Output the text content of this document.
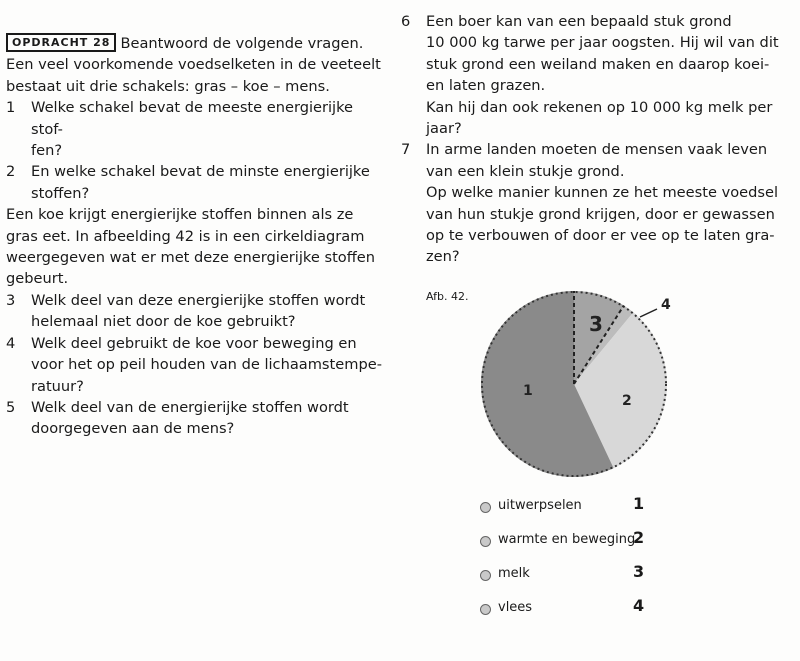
OPDRACHT 28 Beantwoord de volgende vragen.

Een veel voorkomende voedselketen in de veeteelt
bestaat uit drie schakels: gras – koe – mens.
1 Welke schakel bevat de meeste energierijke stof-
fen?
2 En welke schakel bevat de minste energierijke
stoffen?
Een koe krijgt energierijke stoffen binnen als ze
gras eet. In afbeelding 42 is in een cirkeldiagram
weergegeven wat er met deze energierijke stoffen
gebeurt.
3 Welk deel van deze energierijke stoffen wordt
helemaal niet door de koe gebruikt?
4 Welk deel gebruikt de koe voor beweging en
voor het op peil houden van de lichaamstempe-
ratuur?
5 Welk deel van de energierijke stoffen wordt
doorgegeven aan de mens?
6 Een boer kan van een bepaald stuk grond
10 000 kg tarwe per jaar oogsten. Hij wil van dit
stuk grond een weiland maken en daarop koei-
en laten grazen.
Kan hij dan ook rekenen op 10 000 kg melk per
jaar?
7 In arme landen moeten de mensen vaak leven
van een klein stukje grond.
Op welke manier kunnen ze het meeste voedsel
van hun stukje grond krijgen, door er gewassen
op te verbouwen of door er vee op te laten gra-
zen?
Afb. 42.
1
2
3
4
uitwerpselen	1
warmte en beweging
2
melk	3
vlees	4
